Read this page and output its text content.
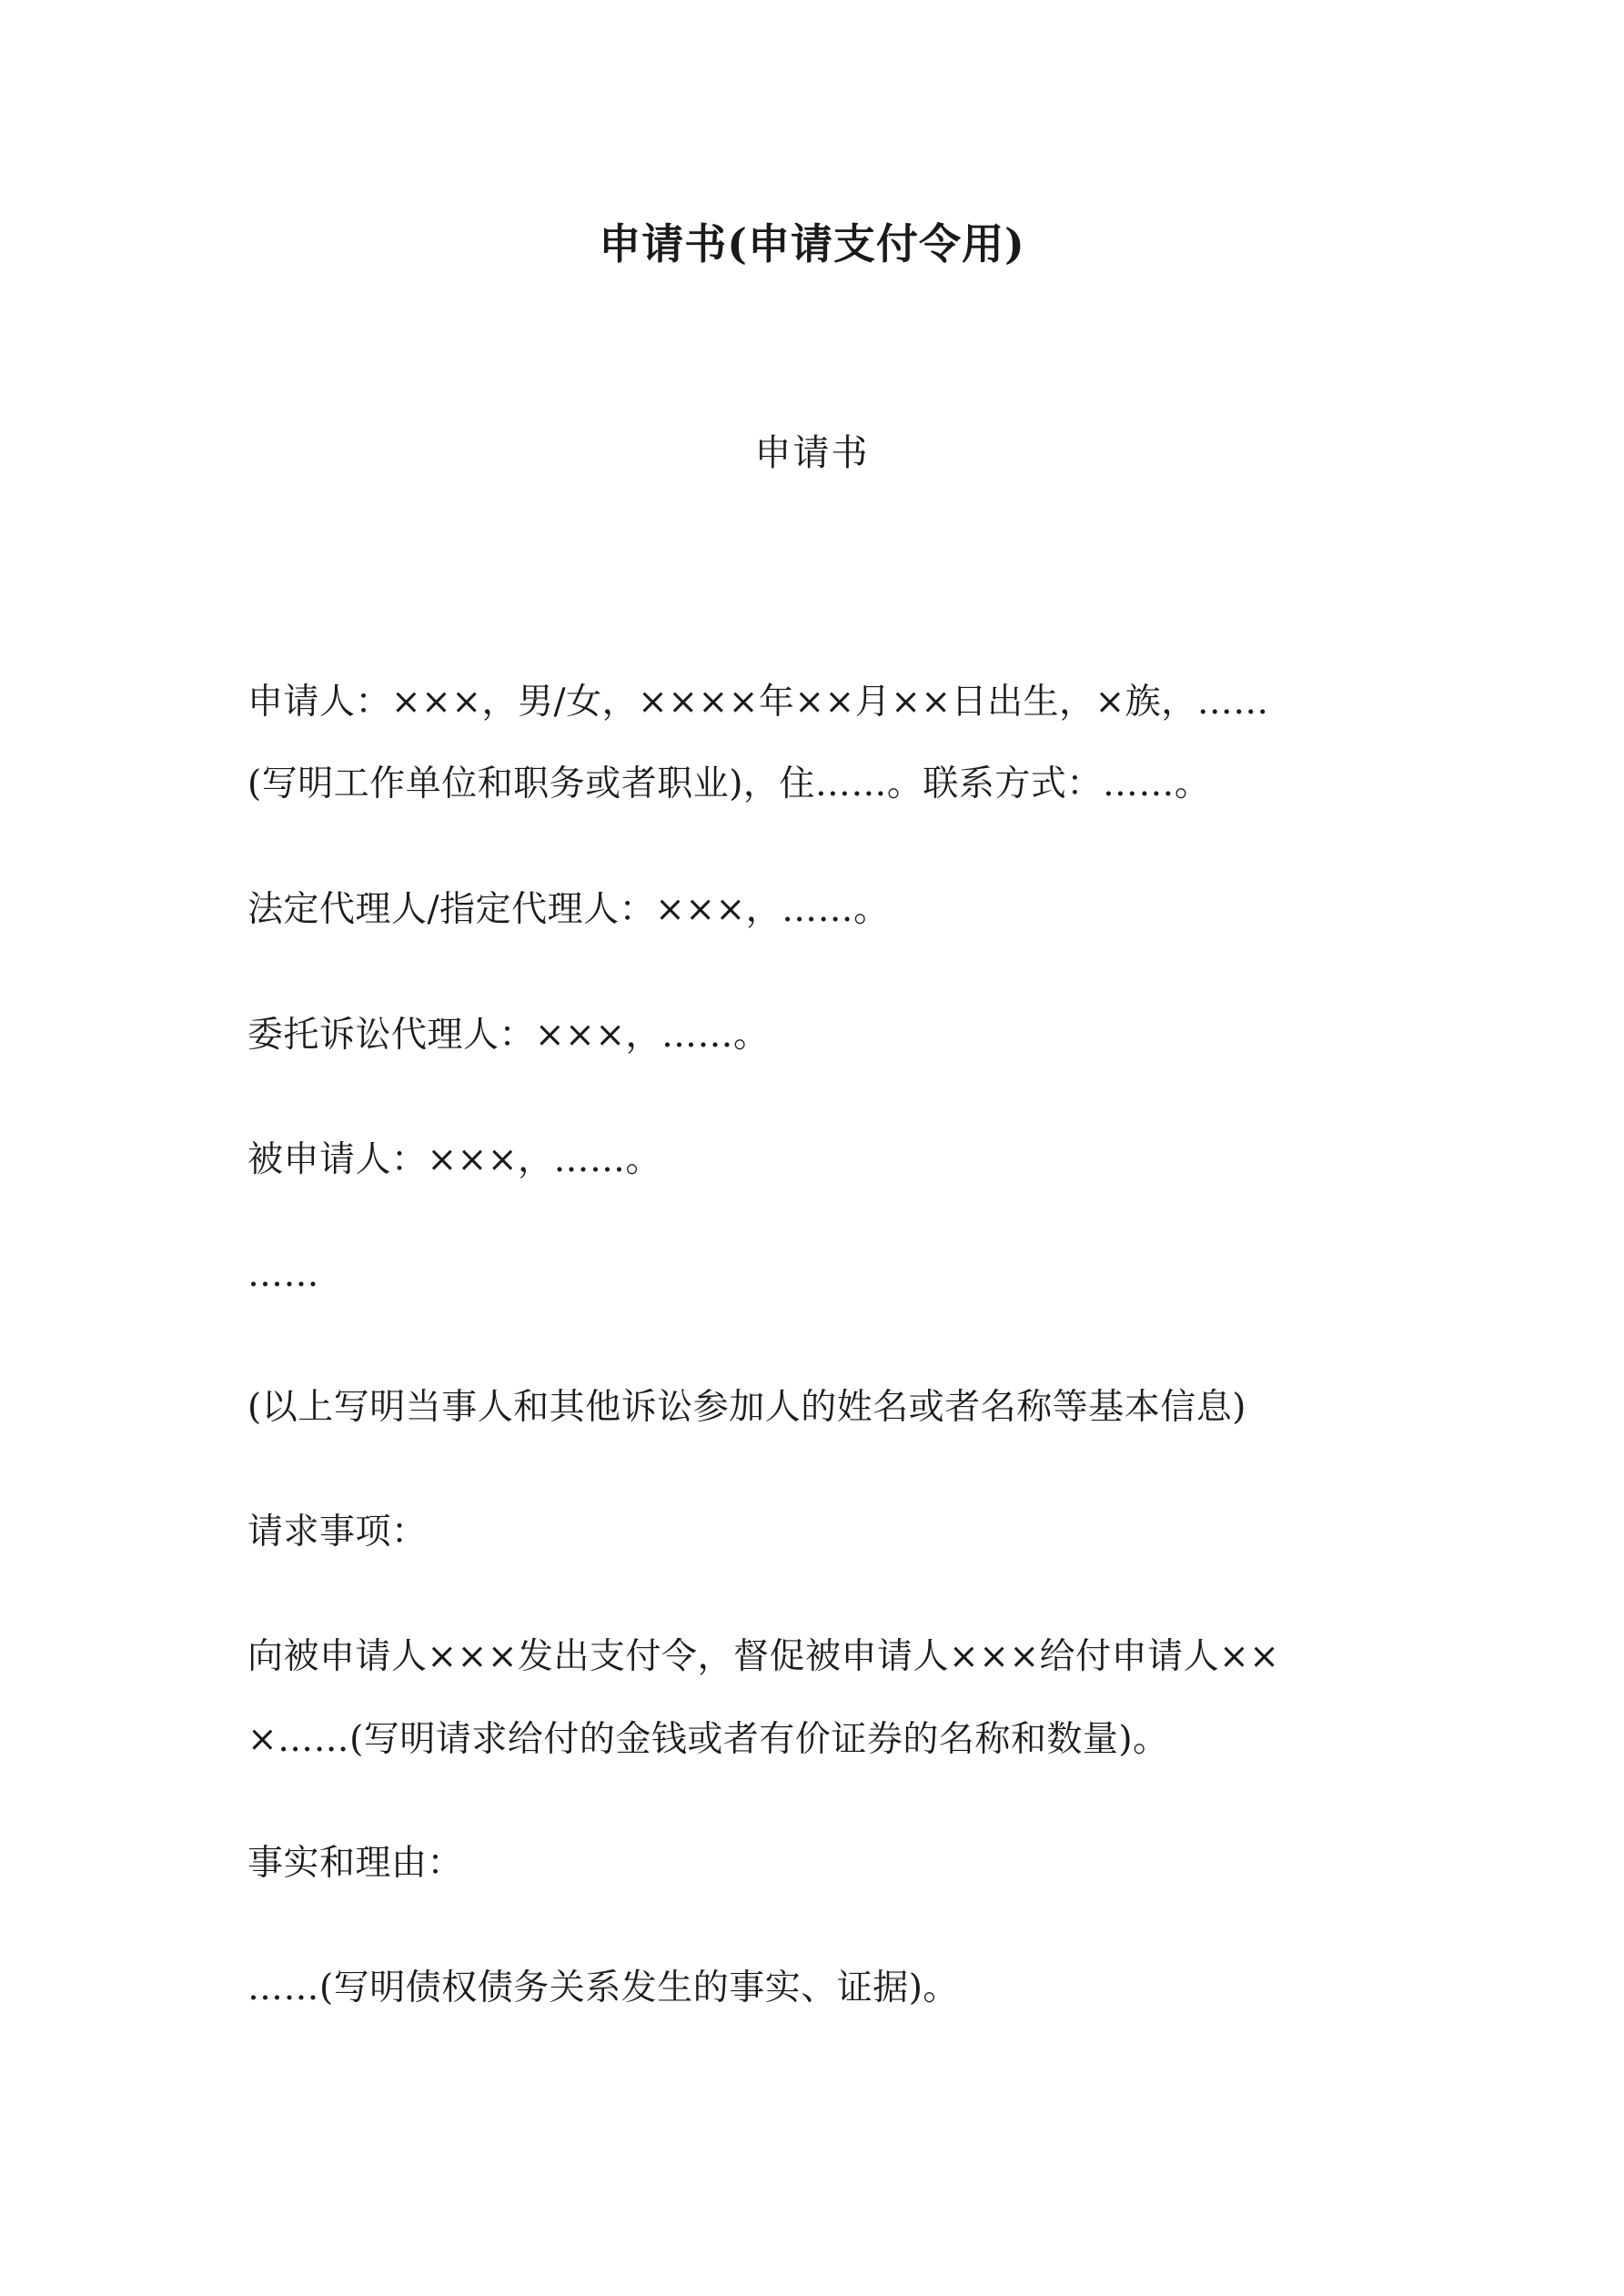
申请书(申请支付令用)

申请书

申请人：×××，男/女，××××年××月××日出生，×族，……

(写明工作单位和职务或者职业)，住……。联系方式：……。

法定代理人/指定代理人：×××，……。

委托诉讼代理人：×××，……。

被申请人：×××，……。

……

(以上写明当事人和其他诉讼参加人的姓名或者名称等基本信息)

请求事项：

向被申请人×××发出支付令，督促被申请人×××给付申请人××

×……(写明请求给付的金钱或者有价证券的名称和数量)。

事实和理由：

……(写明债权债务关系发生的事实、证据)。
